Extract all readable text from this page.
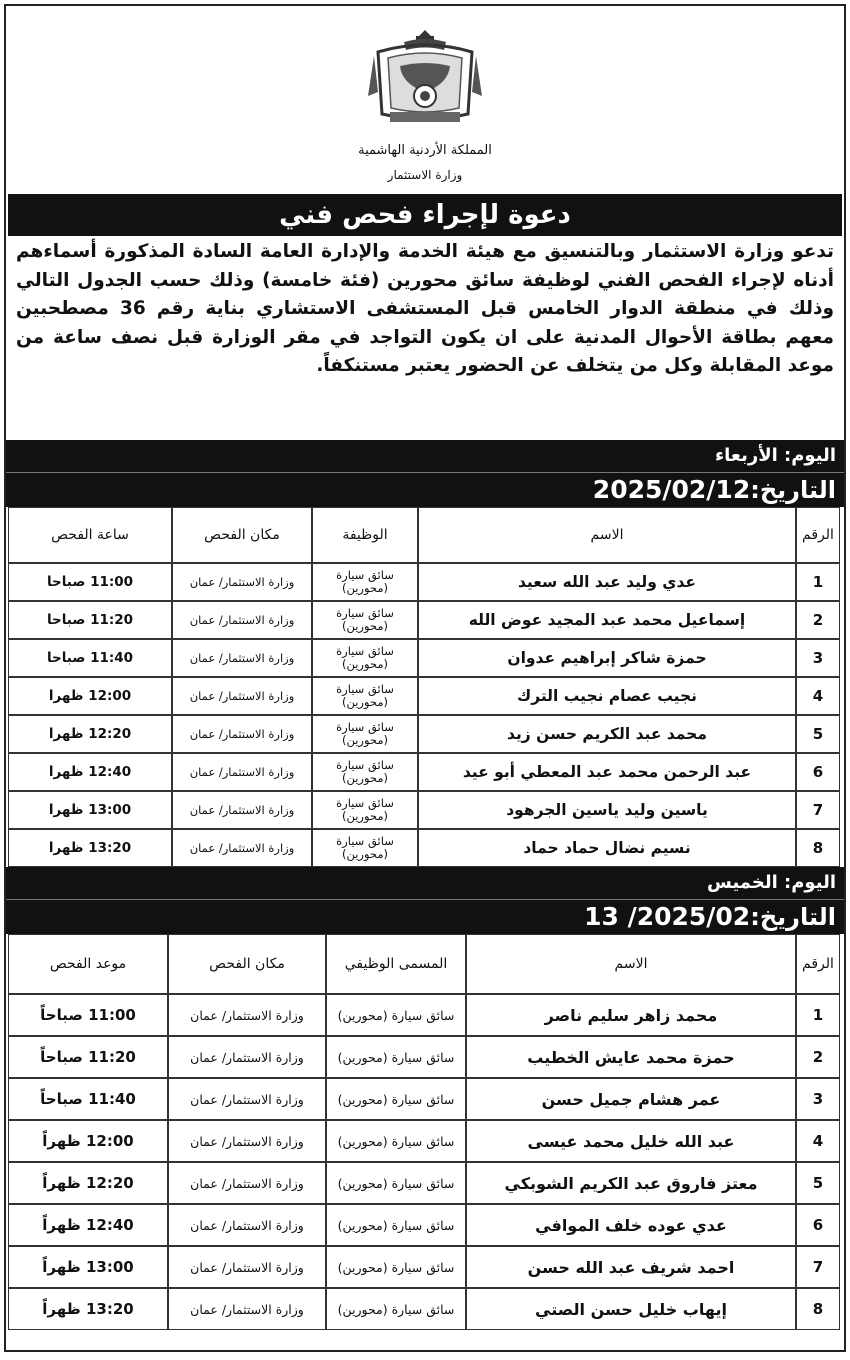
المملكة الأردنية الهاشمية
وزارة الاستثمار
دعوة لإجراء فحص فني
تدعو وزارة الاستثمار وبالتنسيق مع هيئة الخدمة والإدارة العامة السادة المذكورة أسماءهم أدناه لإجراء الفحص الفني لوظيفة سائق محورين (فئة خامسة) وذلك حسب الجدول التالي وذلك في منطقة الدوار الخامس قبل المستشفى الاستشاري بناية رقم 36 مصطحبين معهم بطاقة الأحوال المدنية على ان يكون التواجد في مقر الوزارة قبل نصف ساعة من موعد المقابلة وكل من يتخلف عن الحضور يعتبر مستنكفاً.
اليوم: الأربعاء
التاريخ:2025/02/12
الرقم	الاسم	الوظيفة	مكان الفحص	ساعة الفحص
1	عدي وليد عبد الله سعيد	سائق سيارة (محورين)	وزارة الاستثمار/ عمان	11:00 صباحا
2	إسماعيل محمد عبد المجيد عوض الله	سائق سيارة (محورين)	وزارة الاستثمار/ عمان	11:20 صباحا
3	حمزة شاكر إبراهيم عدوان	سائق سيارة (محورين)	وزارة الاستثمار/ عمان	11:40 صباحا
4	نجيب عصام نجيب الترك	سائق سيارة (محورين)	وزارة الاستثمار/ عمان	12:00 ظهرا
5	محمد عبد الكريم حسن زيد	سائق سيارة (محورين)	وزارة الاستثمار/ عمان	12:20 ظهرا
6	عبد الرحمن محمد عبد المعطي أبو عيد	سائق سيارة (محورين)	وزارة الاستثمار/ عمان	12:40 ظهرا
7	ياسين وليد ياسين الجرهود	سائق سيارة (محورين)	وزارة الاستثمار/ عمان	13:00 ظهرا
8	نسيم نضال حماد حماد	سائق سيارة (محورين)	وزارة الاستثمار/ عمان	13:20 ظهرا
اليوم: الخميس
التاريخ:2025/02/ 13
الرقم	الاسم	المسمى الوظيفي	مكان الفحص	موعد الفحص
1	محمد زاهر سليم ناصر	سائق سيارة (محورين)	وزارة الاستثمار/ عمان	11:00 صباحاً
2	حمزة محمد عايش الخطيب	سائق سيارة (محورين)	وزارة الاستثمار/ عمان	11:20 صباحاً
3	عمر هشام جميل حسن	سائق سيارة (محورين)	وزارة الاستثمار/ عمان	11:40 صباحاً
4	عبد الله خليل محمد عيسى	سائق سيارة (محورين)	وزارة الاستثمار/ عمان	12:00 ظهراً
5	معتز فاروق عبد الكريم الشوبكي	سائق سيارة (محورين)	وزارة الاستثمار/ عمان	12:20 ظهراً
6	عدي عوده خلف الموافي	سائق سيارة (محورين)	وزارة الاستثمار/ عمان	12:40 ظهراً
7	احمد شريف عبد الله حسن	سائق سيارة (محورين)	وزارة الاستثمار/ عمان	13:00 ظهراً
8	إيهاب خليل حسن الصتي	سائق سيارة (محورين)	وزارة الاستثمار/ عمان	13:20 ظهراً
